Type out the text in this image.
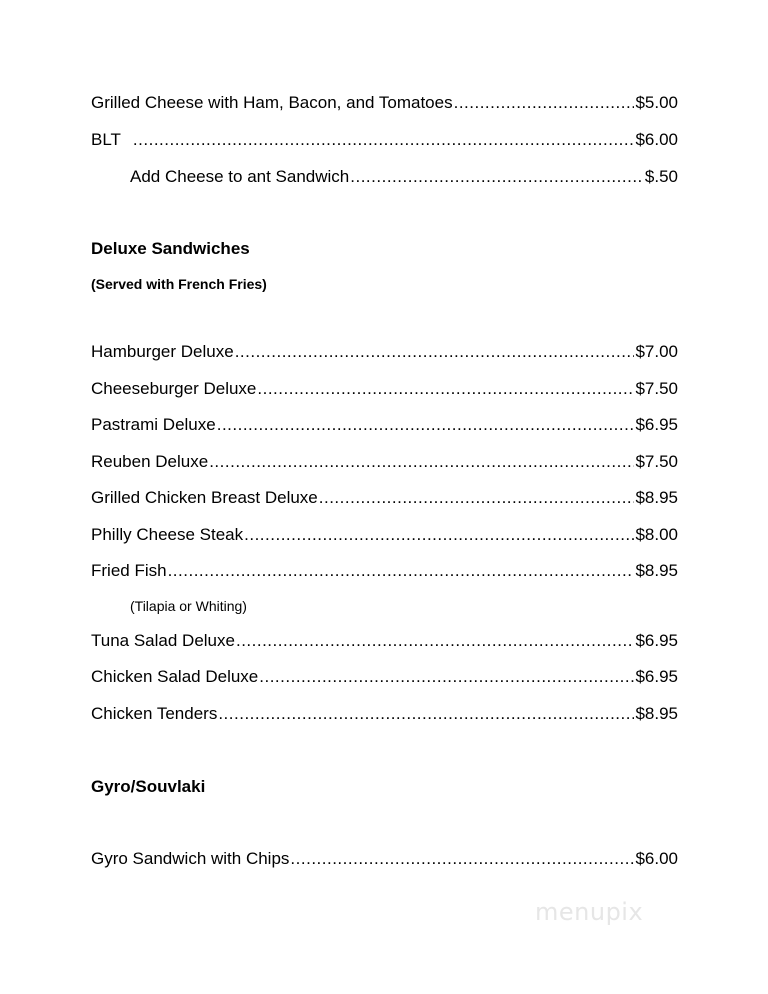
Grilled Cheese with Ham, Bacon, and Tomatoes .....	$5.00
BLT .....	$6.00
Add Cheese to ant Sandwich .....	$.50
Deluxe Sandwiches
(Served with French Fries)
Hamburger Deluxe .....	$7.00
Cheeseburger Deluxe .....	$7.50
Pastrami Deluxe .....	$6.95
Reuben Deluxe .....	$7.50
Grilled Chicken Breast Deluxe .....	$8.95
Philly Cheese Steak .....	$8.00
Fried Fish .....	$8.95
(Tilapia or Whiting)
Tuna Salad Deluxe .....	$6.95
Chicken Salad Deluxe .....	$6.95
Chicken Tenders .....	$8.95
Gyro/Souvlaki
Gyro Sandwich with Chips .....	$6.00
menupix
